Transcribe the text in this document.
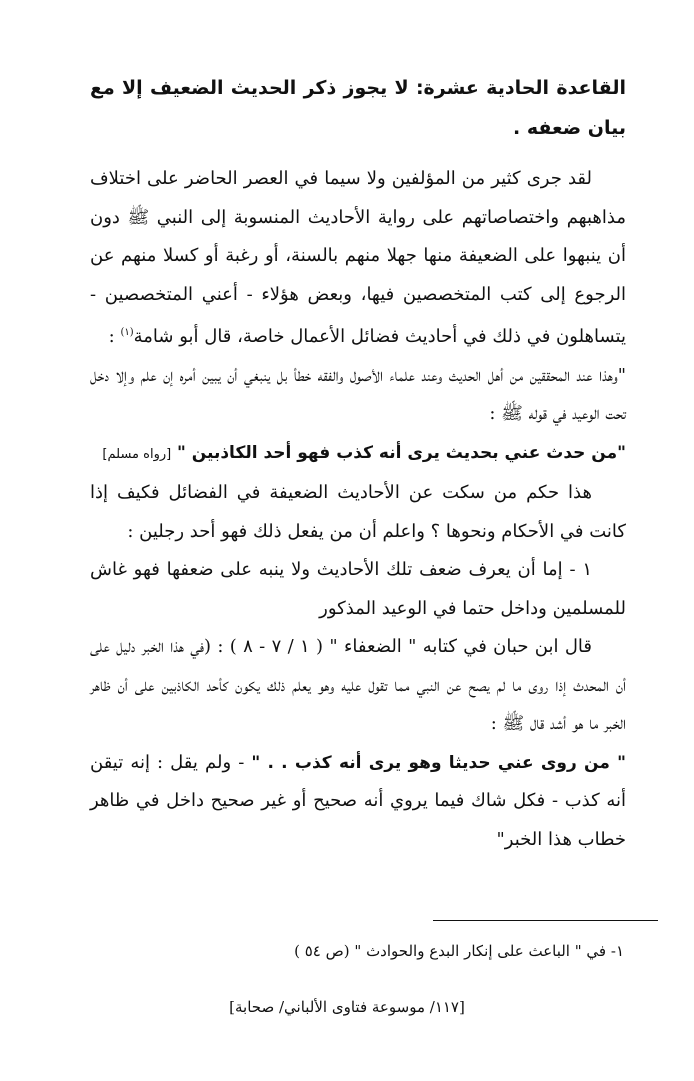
القاعدة الحادية عشرة: لا يجوز ذكر الحديث الضعيف إلا مع بيان ضعفه .

لقد جرى كثير من المؤلفين ولا سيما في العصر الحاضر على اختلاف مذاهبهم واختصاصاتهم على رواية الأحاديث المنسوبة إلى النبي ﷺ دون أن ينبهوا على الضعيفة منها جهلا منهم بالسنة، أو رغبة أو كسلا منهم عن الرجوع إلى كتب المتخصصين فيها، وبعض هؤلاء - أعني المتخصصين - يتساهلون في ذلك في أحاديث فضائل الأعمال خاصة، قال أبو شامة$^{(١)}$ :

"وهذا عند المحققين من أهل الحديث وعند علماء الأصول والفقه خطأ بل ينبغي أن يبين أمره إن علم وإلا دخل تحت الوعيد في قوله ﷺ :

"من حدث عني بحديث يرى أنه كذب فهو أحد الكاذبين " [رواه مسلم]

هذا حكم من سكت عن الأحاديث الضعيفة في الفضائل فكيف إذا كانت في الأحكام ونحوها ؟ واعلم أن من يفعل ذلك فهو أحد رجلين :

١ - إما أن يعرف ضعف تلك الأحاديث ولا ينبه على ضعفها فهو غاش للمسلمين وداخل حتما في الوعيد المذكور

قال ابن حبان في كتابه " الضعفاء " ( ١ / ٧ - ٨ ) : (في هذا الخبر دليل على أن المحدث إذا روى ما لم يصح عن النبي مما تقول عليه وهو يعلم ذلك يكون كأحد الكاذبين على أن ظاهر الخبر ما هو أشد قال ﷺ :

" من روى عني حديثا وهو يرى أنه كذب . . " - ولم يقل : إنه تيقن أنه كذب - فكل شاك فيما يروي أنه صحيح أو غير صحيح داخل في ظاهر خطاب هذا الخبر"

١- في " الباعث على إنكار البدع والحوادث " (ص ٥٤ )
[١١٧/ موسوعة فتاوى الألباني/ صحابة]
